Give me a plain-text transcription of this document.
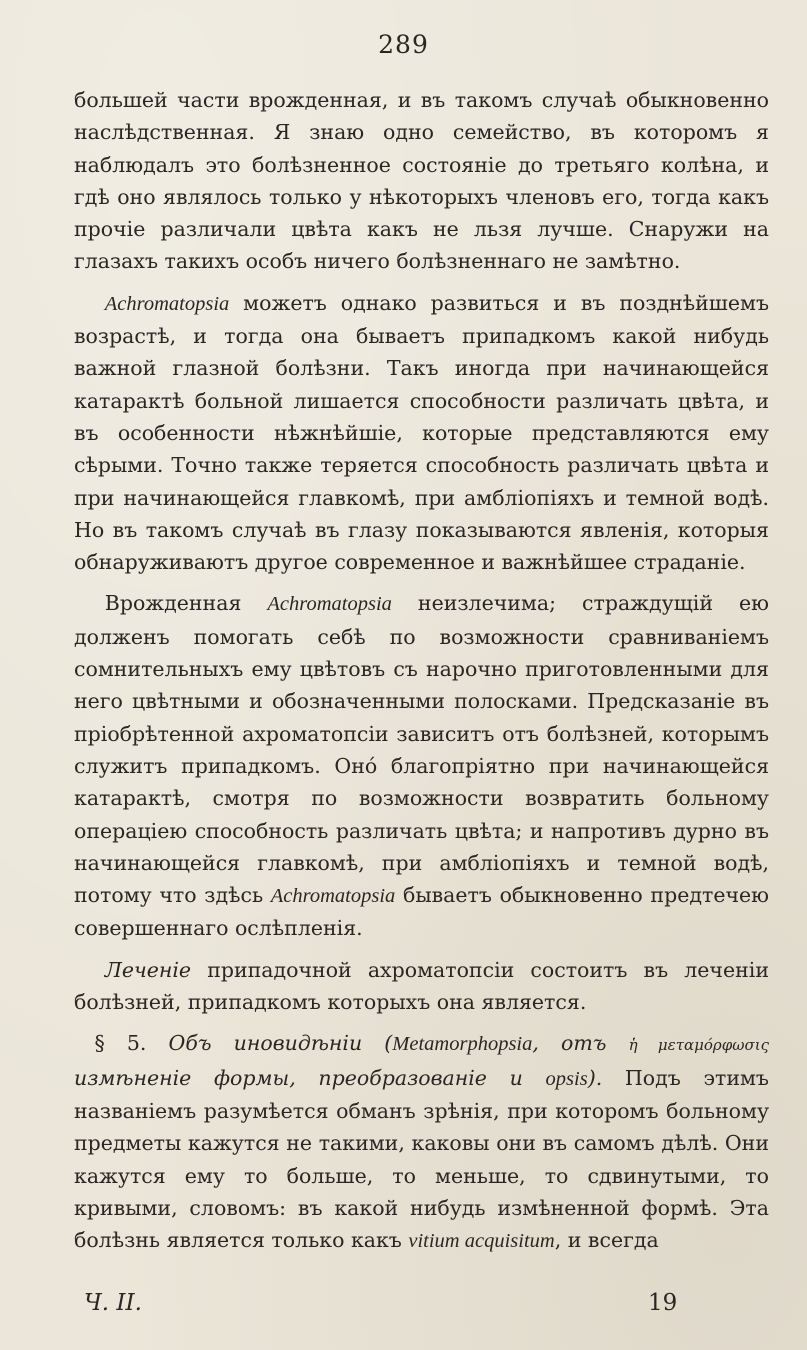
289

большей части врожденная, и въ такомъ случаѣ обыкновенно наслѣдственная. Я знаю одно семейство, въ которомъ я наблюдалъ это болѣзненное состояніе до третьяго колѣна, и гдѣ оно являлось только у нѣкоторыхъ членовъ его, тогда какъ прочіе различали цвѣта какъ не льзя лучше. Снаружи на глазахъ такихъ особъ ничего болѣзненнаго не замѣтно.

  Achromatopsia можетъ однако развиться и въ позднѣйшемъ возрастѣ, и тогда она бываетъ припадкомъ какой нибудь важной глазной болѣзни. Такъ иногда при начинающейся катарактѣ больной лишается способности различать цвѣта, и въ особенности нѣжнѣйшіе, которые представляются ему сѣрыми. Точно также теряется способность различать цвѣта и при начинающейся главкомѣ, при амбліопіяхъ и темной водѣ. Но въ такомъ случаѣ въ глазу показываются явленія, которыя обнаруживаютъ другое современное и важнѣйшее страданіе.

  Врожденная Achromatopsia неизлечима; страждущій ею долженъ помогать себѣ по возможности сравниваніемъ сомнительныхъ ему цвѣтовъ съ нарочно приготовленными для него цвѣтными и обозначенными полосками. Предсказаніе въ пріобрѣтенной ахроматопсіи зависитъ отъ болѣзней, которымъ служитъ припадкомъ. Оно́ благопріятно при начинающейся катарактѣ, смотря по возможности возвратить больному операціею способность различать цвѣта; и напротивъ дурно въ начинающейся главкомѣ, при амбліопіяхъ и темной водѣ, потому что здѣсь Achromatopsia бываетъ обыкновенно предтечею совершеннаго ослѣпленія.

  Леченіе припадочной ахроматопсіи состоитъ въ леченіи болѣзней, припадкомъ которыхъ она является.

 § 5. Объ иновидѣніи (Metamorphopsia, отъ ἡ μεταμόρφωσις измѣненіе формы, преобразованіе и opsis). Подъ этимъ названіемъ разумѣется обманъ зрѣнія, при которомъ больному предметы кажутся не такими, каковы они въ самомъ дѣлѣ. Они кажутся ему то больше, то меньше, то сдвинутыми, то кривыми, словомъ: въ какой нибудь измѣненной формѣ. Эта болѣзнь является только какъ vitium acquisitum, и всегда

Ч. II.	19
